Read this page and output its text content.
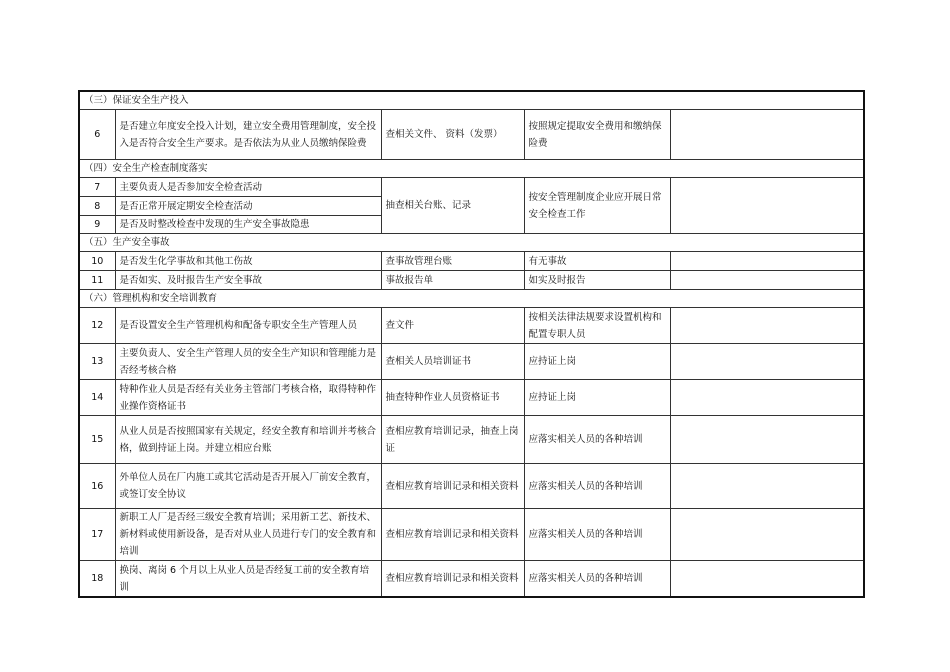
（三）保证安全生产投入				
6	是否建立年度安全投入计划，建立安全费用管理制度，安全投入是否符合安全生产要求。是否依法为从业人员缴纳保险费	查相关文件、 资料（发票）	按照规定提取安全费用和缴纳保险费	
（四）安全生产检查制度落实				
7	主要负责人是否参加安全检查活动	抽查相关台账、记录	按安全管理制度企业应开展日常安全检查工作	
8	是否正常开展定期安全检查活动			
9	是否及时整改检查中发现的生产安全事故隐患			
（五）生产安全事故				
10	是否发生化学事故和其他工伤故	查事故管理台账	有无事故	
11	是否如实、及时报告生产安全事故	事故报告单	如实及时报告	
（六）管理机构和安全培训教育				
12	是否设置安全生产管理机构和配备专职安全生产管理人员	查文件	按相关法律法规要求设置机构和配置专职人员	
13	主要负责人、安全生产管理人员的安全生产知识和管理能力是否经考核合格	查相关人员培训证书	应持证上岗	
14	特种作业人员是否经有关业务主管部门考核合格，取得特种作业操作资格证书	抽查特种作业人员资格证书	应持证上岗	
15	从业人员是否按照国家有关规定，经安全教育和培训并考核合格，做到持证上岗。并建立相应台账	查相应教育培训记录，抽查上岗证	应落实相关人员的各种培训	
16	外单位人员在厂内施工或其它活动是否开展入厂前安全教育，或签订安全协议	查相应教育培训记录和相关资料	应落实相关人员的各种培训	
17	新职工人厂是否经三级安全教育培训；采用新工艺、新技术、新材料或使用新设备，是否对从业人员进行专门的安全教育和培训	查相应教育培训记录和相关资料	应落实相关人员的各种培训	
18	换岗、离岗 6 个月以上从业人员是否经复工前的安全教育培训	查相应教育培训记录和相关资料	应落实相关人员的各种培训	
